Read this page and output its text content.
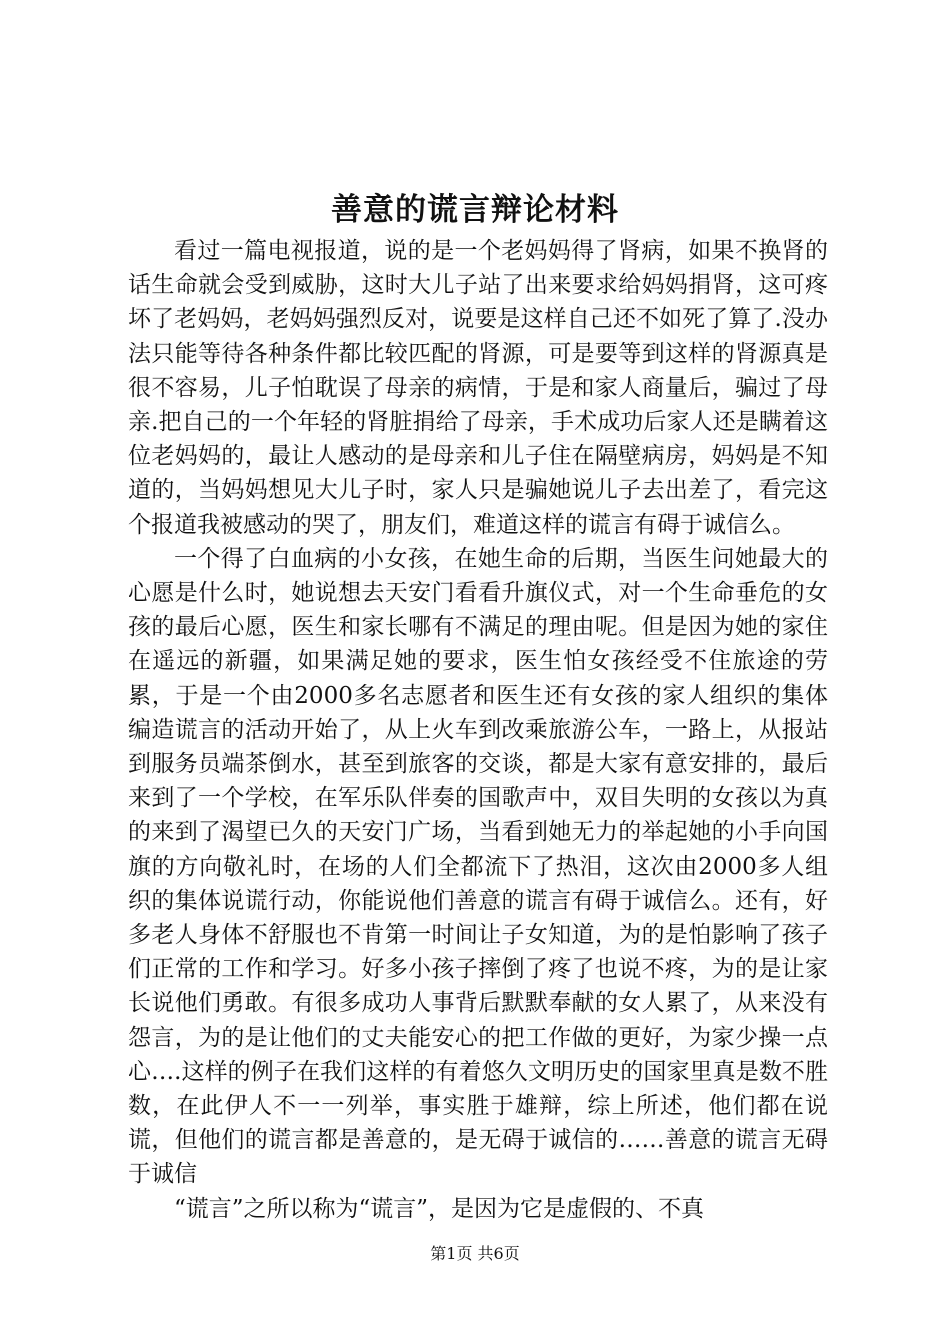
善意的谎言辩论材料

看过一篇电视报道，说的是一个老妈妈得了肾病，如果不换肾的话生命就会受到威胁，这时大儿子站了出来要求给妈妈捐肾，这可疼坏了老妈妈，老妈妈强烈反对，说要是这样自己还不如死了算了.没办法只能等待各种条件都比较匹配的肾源，可是要等到这样的肾源真是很不容易，儿子怕耽误了母亲的病情，于是和家人商量后，骗过了母亲.把自己的一个年轻的肾脏捐给了母亲，手术成功后家人还是瞒着这位老妈妈的，最让人感动的是母亲和儿子住在隔壁病房，妈妈是不知道的，当妈妈想见大儿子时，家人只是骗她说儿子去出差了，看完这个报道我被感动的哭了，朋友们，难道这样的谎言有碍于诚信么。

一个得了白血病的小女孩，在她生命的后期，当医生问她最大的心愿是什么时，她说想去天安门看看升旗仪式，对一个生命垂危的女孩的最后心愿，医生和家长哪有不满足的理由呢。但是因为她的家住在遥远的新疆，如果满足她的要求，医生怕女孩经受不住旅途的劳累，于是一个由2000多名志愿者和医生还有女孩的家人组织的集体编造谎言的活动开始了，从上火车到改乘旅游公车，一路上，从报站到服务员端茶倒水，甚至到旅客的交谈，都是大家有意安排的，最后来到了一个学校，在军乐队伴奏的国歌声中，双目失明的女孩以为真的来到了渴望已久的天安门广场，当看到她无力的举起她的小手向国旗的方向敬礼时，在场的人们全都流下了热泪，这次由2000多人组织的集体说谎行动，你能说他们善意的谎言有碍于诚信么。还有，好多老人身体不舒服也不肯第一时间让子女知道，为的是怕影响了孩子们正常的工作和学习。好多小孩子摔倒了疼了也说不疼，为的是让家长说他们勇敢。有很多成功人事背后默默奉献的女人累了，从来没有怨言，为的是让他们的丈夫能安心的把工作做的更好，为家少操一点心….这样的例子在我们这样的有着悠久文明历史的国家里真是数不胜数，在此伊人不一一列举，事实胜于雄辩，综上所述，他们都在说谎，但他们的谎言都是善意的，是无碍于诚信的……善意的谎言无碍于诚信

“谎言”之所以称为“谎言”，是因为它是虚假的、不真

第1页 共6页
